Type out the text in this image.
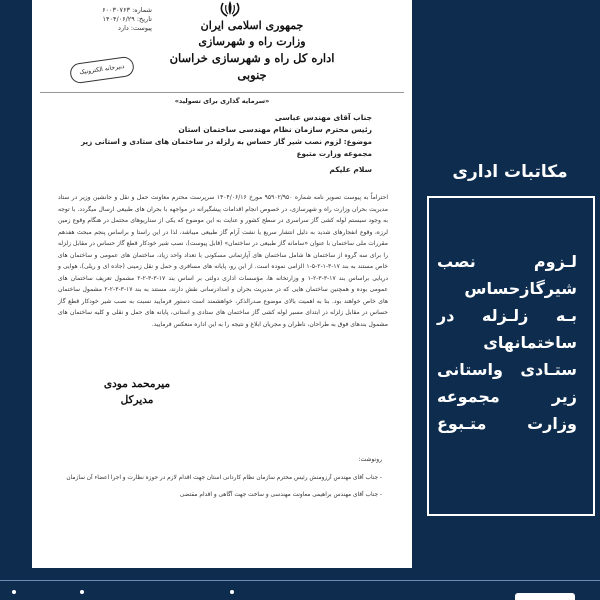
شماره: ۶۰۰۳۰۷۶۳
تاریخ: ۱۴۰۴/۰۶/۲۹
پیوست: دارد	جمهوری اسلامی ایران
وزارت راه و شهرسازی
اداره کل راه و شهرسازی خراسان جنوبی
دبیرخانه الکترونیک
«سرمایه گذاری برای تسولید»
جناب آقای مهندس عباسی
رئیس محترم سازمان نظام مهندسی ساختمان استان
موضوع: لزوم نصب شیر گاز حساس به زلزله در ساختمان های ستادی و استانی زیر مجموعه وزارت متبوع
سلام علیکم
احتراماً به پیوست تصویر نامه شماره ۹۵۹۰۲/۹۵۰ مورخ ۱۴۰۴/۰۶/۱۶ سرپرست محترم معاونت حمل و نقل و جانشین وزیر در ستاد مدیریت بحران وزارت راه و شهرسازی، در خصوص انجام اقدامات پیشگیرانه در مواجهه با بحران های طبیعی ارسال میگردد. با توجه به وجود سیستم لوله کشی گاز سراسری در سطح کشور و عنایت به این موضوع که یکی از سناریوهای محتمل در هنگام وقوع زمین لرزه، وقوع انفجارهای شدید به دلیل انتشار سریع یا نشت آرام گاز طبیعی میباشد، لذا در این راستا و براساس پنجم مبحث هفدهم مقررات ملی ساختمان با عنوان «سامانه گاز طبیعی در ساختمان» (قابل پیوست)، نصب شیر خودکار قطع گاز حساس در مقابل زلزله را برای سه گروه از ساختمان ها شامل ساختمان های آپارتمانی مسکونی با تعداد واحد زیاد، ساختمان های عمومی و ساختمان های خاص مستند به بند ۱۷-۳-۱-۲-۵-۱ الزامی نموده است. از این رو، پایانه های مسافری و حمل و نقل زمینی (جاده ای و ریلی)، هوایی و دریایی براساس بند ۱۷-۳-۳-۲-۱ و وزارتخانه ها، مؤسسات اداری دولتی بر اساس بند ۱۷-۳-۳-۲-۲ مشمول تعریف ساختمان های عمومی بوده و همچنین ساختمان هایی که در مدیریت بحران و امدادرسانی نقش دارند، مستند به بند ۱۷-۳-۳-۲-۲ مشمول ساختمان های خاص خواهند بود. بنا به اهمیت بالای موضوع صدرالذکر، خواهشمند است دستور فرمایید نسبت به نصب شیر خودکار قطع گاز حساس در مقابل زلزله در ابتدای مسیر لوله کشی گاز ساختمان های ستادی و استانی، پایانه های حمل و نقلی و کلیه ساختمان های مشمول بندهای فوق به طراحان، ناظران و مجریان ابلاغ و نتیجه را به این اداره منعکس فرمایید.
میرمحمد مودی
مدیرکل
رونوشت:
- جناب آقای مهندس آرزومنش رئیس محترم سازمان نظام کاردانی استان جهت اقدام لازم در حوزه نظارت و اجرا اعضاء آن سازمان
- جناب آقای مهندس براهیمی معاونت مهندسی و ساخت جهت آگاهی و اقدام مقتضی
مکاتبات اداری
لـزوم نصب شیرگازحساس بـه زلـزله در ساختمانهای ستـادی واستانی زیر مجموعه وزارت متـبوع
